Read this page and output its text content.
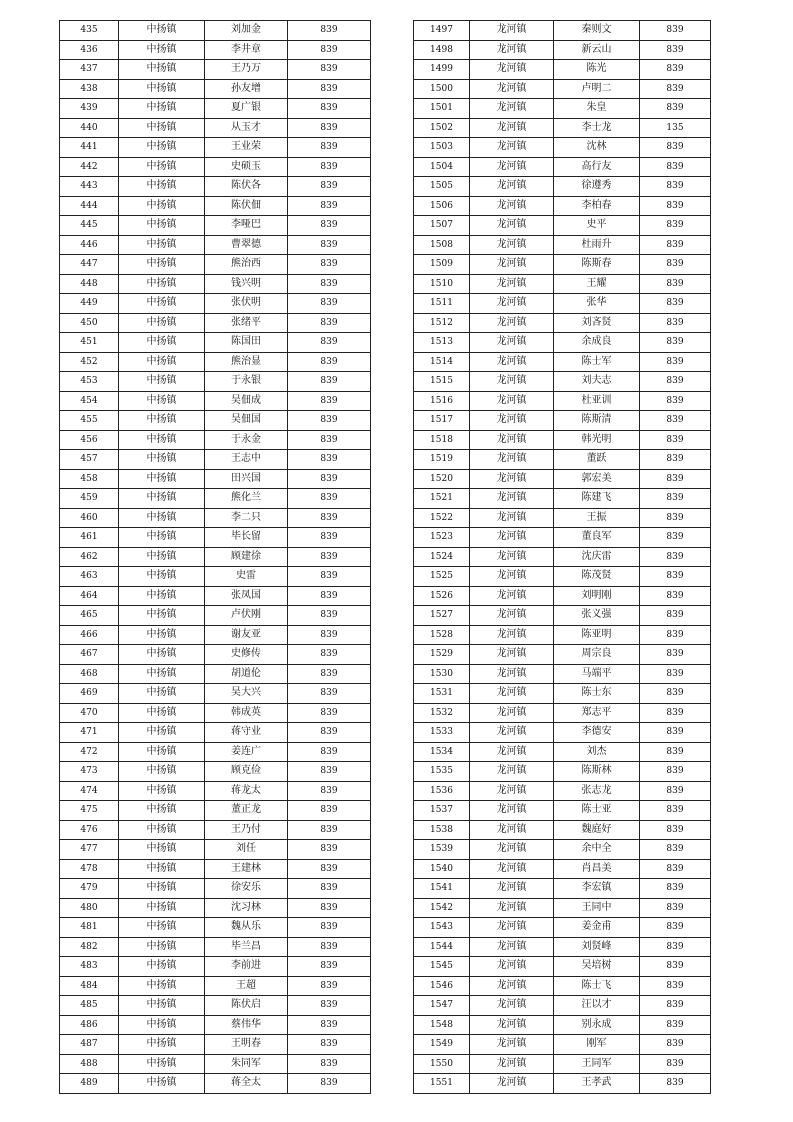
435	中扬镇	刘加金	839
436	中扬镇	李井章	839
437	中扬镇	王乃万	839
438	中扬镇	孙友增	839
439	中扬镇	夏广银	839
440	中扬镇	从玉才	839
441	中扬镇	王业荣	839
442	中扬镇	史硕玉	839
443	中扬镇	陈伏各	839
444	中扬镇	陈伏佃	839
445	中扬镇	李哑巴	839
446	中扬镇	曹翠德	839
447	中扬镇	熊治西	839
448	中扬镇	钱兴明	839
449	中扬镇	张伏明	839
450	中扬镇	张绪平	839
451	中扬镇	陈国田	839
452	中扬镇	熊治显	839
453	中扬镇	于永银	839
454	中扬镇	吴佃成	839
455	中扬镇	吴佃国	839
456	中扬镇	于永金	839
457	中扬镇	王志中	839
458	中扬镇	田兴国	839
459	中扬镇	熊化兰	839
460	中扬镇	李二只	839
461	中扬镇	毕长留	839
462	中扬镇	顾建徐	839
463	中扬镇	史雷	839
464	中扬镇	张凤国	839
465	中扬镇	卢伏刚	839
466	中扬镇	谢友亚	839
467	中扬镇	史修传	839
468	中扬镇	胡道伦	839
469	中扬镇	吴大兴	839
470	中扬镇	韩成英	839
471	中扬镇	蒋守业	839
472	中扬镇	姜连广	839
473	中扬镇	顾克俭	839
474	中扬镇	蒋龙太	839
475	中扬镇	董正龙	839
476	中扬镇	王乃付	839
477	中扬镇	刘任	839
478	中扬镇	王建林	839
479	中扬镇	徐安乐	839
480	中扬镇	沈习林	839
481	中扬镇	魏从乐	839
482	中扬镇	毕兰昌	839
483	中扬镇	李前进	839
484	中扬镇	王超	839
485	中扬镇	陈伏启	839
486	中扬镇	蔡伟华	839
487	中扬镇	王明春	839
488	中扬镇	朱同军	839
489	中扬镇	蒋全太	839
1497	龙河镇	秦则文	839
1498	龙河镇	新云山	839
1499	龙河镇	陈光	839
1500	龙河镇	卢明二	839
1501	龙河镇	朱皇	839
1502	龙河镇	李士龙	135
1503	龙河镇	沈林	839
1504	龙河镇	高行友	839
1505	龙河镇	徐遵秀	839
1506	龙河镇	李柏春	839
1507	龙河镇	史平	839
1508	龙河镇	杜雨升	839
1509	龙河镇	陈斯春	839
1510	龙河镇	王耀	839
1511	龙河镇	张华	839
1512	龙河镇	刘吝贤	839
1513	龙河镇	余成良	839
1514	龙河镇	陈士军	839
1515	龙河镇	刘夫志	839
1516	龙河镇	杜亚训	839
1517	龙河镇	陈斯清	839
1518	龙河镇	韩光明	839
1519	龙河镇	董跃	839
1520	龙河镇	郭宏美	839
1521	龙河镇	陈建飞	839
1522	龙河镇	王振	839
1523	龙河镇	董良军	839
1524	龙河镇	沈庆雷	839
1525	龙河镇	陈茂贤	839
1526	龙河镇	刘明刚	839
1527	龙河镇	张义强	839
1528	龙河镇	陈亚明	839
1529	龙河镇	周宗良	839
1530	龙河镇	马端平	839
1531	龙河镇	陈士东	839
1532	龙河镇	郑志平	839
1533	龙河镇	李德安	839
1534	龙河镇	刘杰	839
1535	龙河镇	陈斯林	839
1536	龙河镇	张志龙	839
1537	龙河镇	陈士亚	839
1538	龙河镇	魏庭好	839
1539	龙河镇	余中全	839
1540	龙河镇	肖昌美	839
1541	龙河镇	李宏镇	839
1542	龙河镇	王同中	839
1543	龙河镇	姜金甫	839
1544	龙河镇	刘贤峰	839
1545	龙河镇	吴培树	839
1546	龙河镇	陈士飞	839
1547	龙河镇	汪以才	839
1548	龙河镇	别永成	839
1549	龙河镇	刚军	839
1550	龙河镇	王同军	839
1551	龙河镇	王孝武	839
